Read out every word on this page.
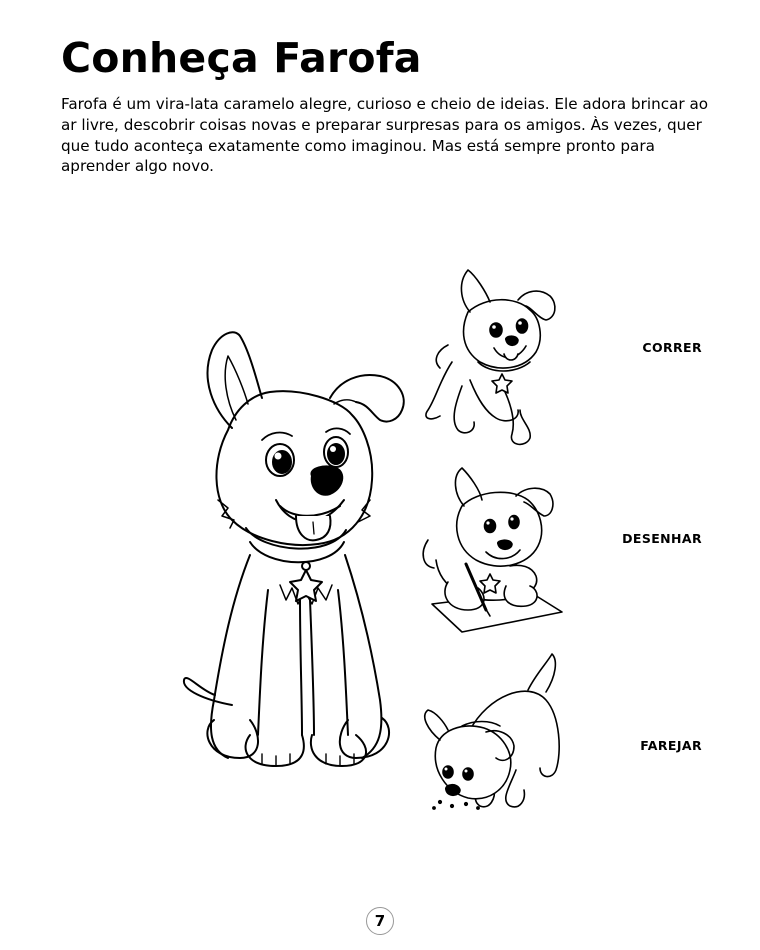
Conheça Farofa

Farofa é um vira-lata caramelo alegre, curioso e cheio de ideias. Ele adora brincar ao ar livre, descobrir coisas novas e preparar surpresas para os amigos. Às vezes, quer que tudo aconteça exatamente como imaginou. Mas está sempre pronto para aprender algo novo.

CORRER
DESENHAR
FAREJAR
7
